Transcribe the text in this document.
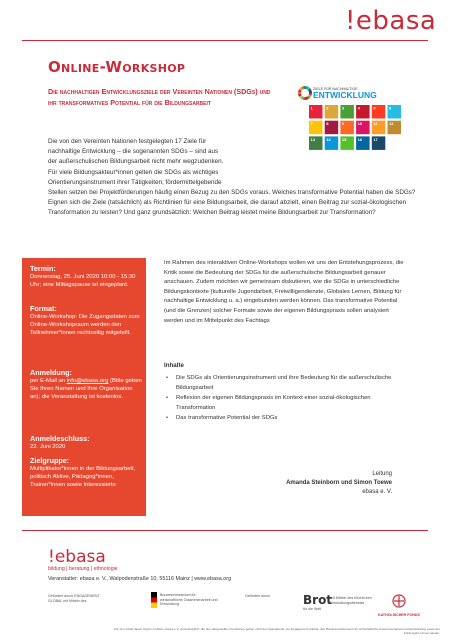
!ebasa
Online-Workshop
Die nachhaltigen Entwicklungsziele der Vereinten Nationen (SDGs) und ihr transformatives Potential für die Bildungsarbeit
ZIELE FÜR NACHHALTIGE
ENTWICKLUNG
1	2	3	4	5	6
7	8	9	10	11	12
13	14	15	16	17
Die von den Vereinten Nationen festgelegten 17 Ziele für
nachhaltige Entwicklung – die sogenannten SDGs – sind aus
der außerschulischen Bildungsarbeit nicht mehr wegzudenken.
Für viele Bildungsakteur*innen gelten die SDGs als wichtiges
Orientierungsinstrument ihrer Tätigkeiten; fördermittelgebende
Stellen setzen bei Projektförderungen häufig einen Bezug zu den SDGs voraus. Welches transformative Potential haben die SDGs? Eignen sich die Ziele (tatsächlich) als Richtlinien für eine Bildungsarbeit, die darauf abzielt, einen Beitrag zur sozial-ökologischen Transformation zu leisten? Und ganz grundsätzlich: Welchen Beitrag leistet meine Bildungsarbeit zur Transformation?
Termin:
Donnerstag, 25. Juni 2020 10:00 - 15:30 Uhr; eine Mittagspause ist eingeplant.
Format:
Online-Workshop: Die Zugangsdaten zum Online-Workshopraum werden den Teilnehmer*innen rechtzeitig mitgeteilt.
Anmeldung:
per E-Mail an info@ebasa.org (Bitte geben Sie Ihren Namen und Ihre Organisation an); die Veranstaltung ist kostenlos.
Anmeldeschluss:
22. Juni 2020
Zielgruppe:
Multiplikator*innen in der Bildungsarbeit, politisch Aktive, Pädagog*innen, Trainer*innen sowie Interessierte
Im Rahmen des interaktiven Online-Workshops wollen wir uns den Entstehungsprozess, die Kritik sowie die Bedeutung der SDGs für die außerschulische Bildungsarbeit genauer anschauen. Zudem möchten wir gemeinsam diskutieren, wie die SDGs in unterschiedliche Bildungskontexte (kulturelle Jugendarbeit, Freiwilligendienste, Globales Lernen, Bildung für nachhaltige Entwicklung u. a.) eingebunden werden können. Das transformative Potential (und die Grenzen) solcher Formate sowie der eigenen Bildungspraxis sollen analysiert werden und im Mittelpunkt des Fachtags
Inhalte
• Die SDGs als Orientierungsinstrument und ihre Bedeutung für die außerschulische Bildungsarbeit
• Reflexion der eigenen Bildungspraxis im Kontext einer sozial-ökologischen Transformation
• Das transformative Potential der SDGs
Leitung
Amanda Steinborn und Simon Toewe
ebasa e. V.
!ebasa
bildung | beratung | ethnologie
Veranstalter: ebasa e. V., Walpodenstraße 10, 55116 Mainz | www.ebasa.org
Gefördert durch ENGAGEMENT GLOBAL mit Mitteln des
Bundesministerium für wirtschaftliche Zusammenarbeit und Entwicklung
Gefördert durch	Brot
für die Welt
mit Mitteln des Kirchlichen Entwicklungsdienstes
KATHOLISCHER FONDS
Für den Inhalt dieser Flyers ist allein ebasa e.V. verantwortlich; die hier dargestellten Positionen geben nicht den Standpunkt von Engagement Global, des Bundesministeriums für wirtschaftliche Zusammenarbeit und Entwicklung sowie der Fördergeber:innen wieder.
